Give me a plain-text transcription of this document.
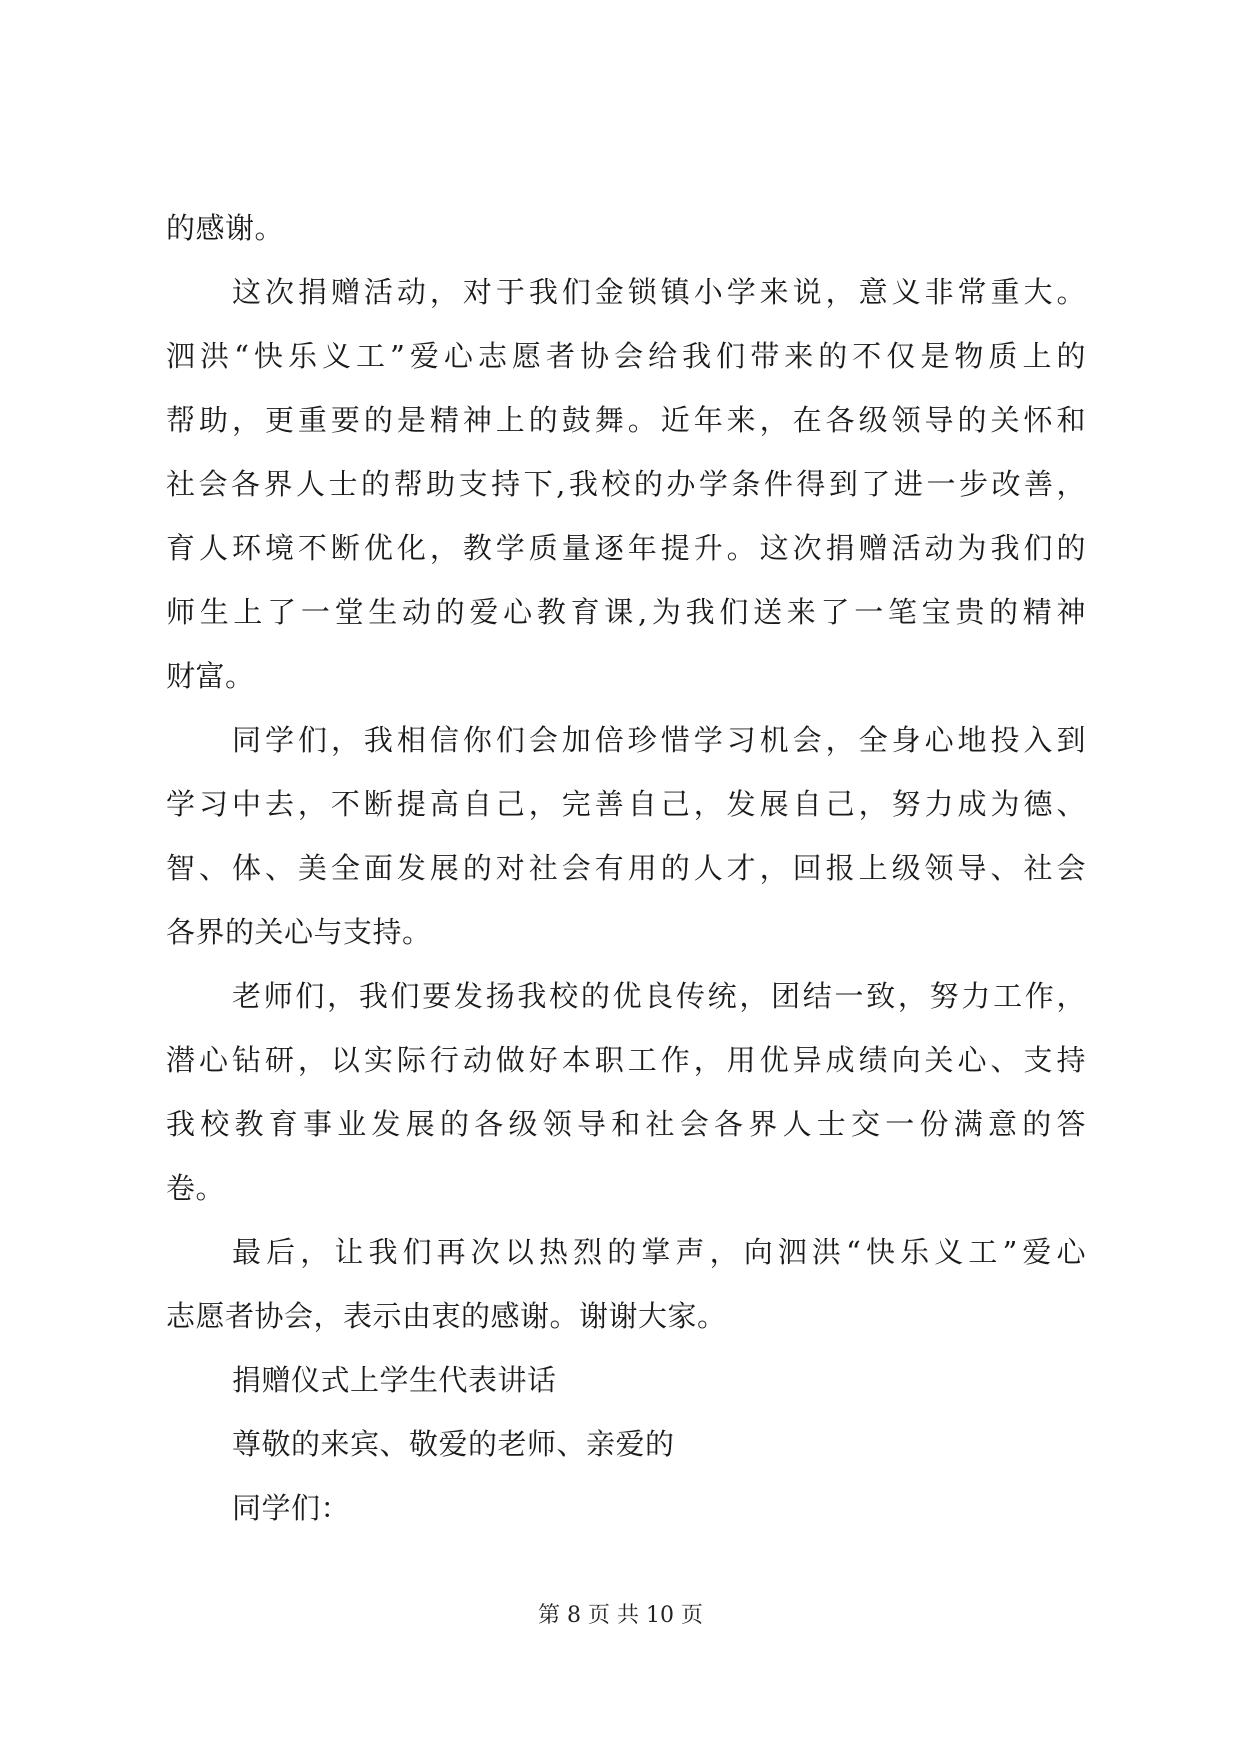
的感谢。
这次捐赠活动，对于我们金锁镇小学来说，意义非常重大。
泗洪“快乐义工”爱心志愿者协会给我们带来的不仅是物质上的
帮助，更重要的是精神上的鼓舞。近年来，在各级领导的关怀和
社会各界人士的帮助支持下,我校的办学条件得到了进一步改善，
育人环境不断优化，教学质量逐年提升。这次捐赠活动为我们的
师生上了一堂生动的爱心教育课,为我们送来了一笔宝贵的精神
财富。
同学们，我相信你们会加倍珍惜学习机会，全身心地投入到
学习中去，不断提高自己，完善自己，发展自己，努力成为德、
智、体、美全面发展的对社会有用的人才，回报上级领导、社会
各界的关心与支持。
老师们，我们要发扬我校的优良传统，团结一致，努力工作，
潜心钻研，以实际行动做好本职工作，用优异成绩向关心、支持
我校教育事业发展的各级领导和社会各界人士交一份满意的答
卷。
最后，让我们再次以热烈的掌声，向泗洪“快乐义工”爱心
志愿者协会，表示由衷的感谢。谢谢大家。
捐赠仪式上学生代表讲话
尊敬的来宾、敬爱的老师、亲爱的
同学们：
第 8 页 共 10 页
